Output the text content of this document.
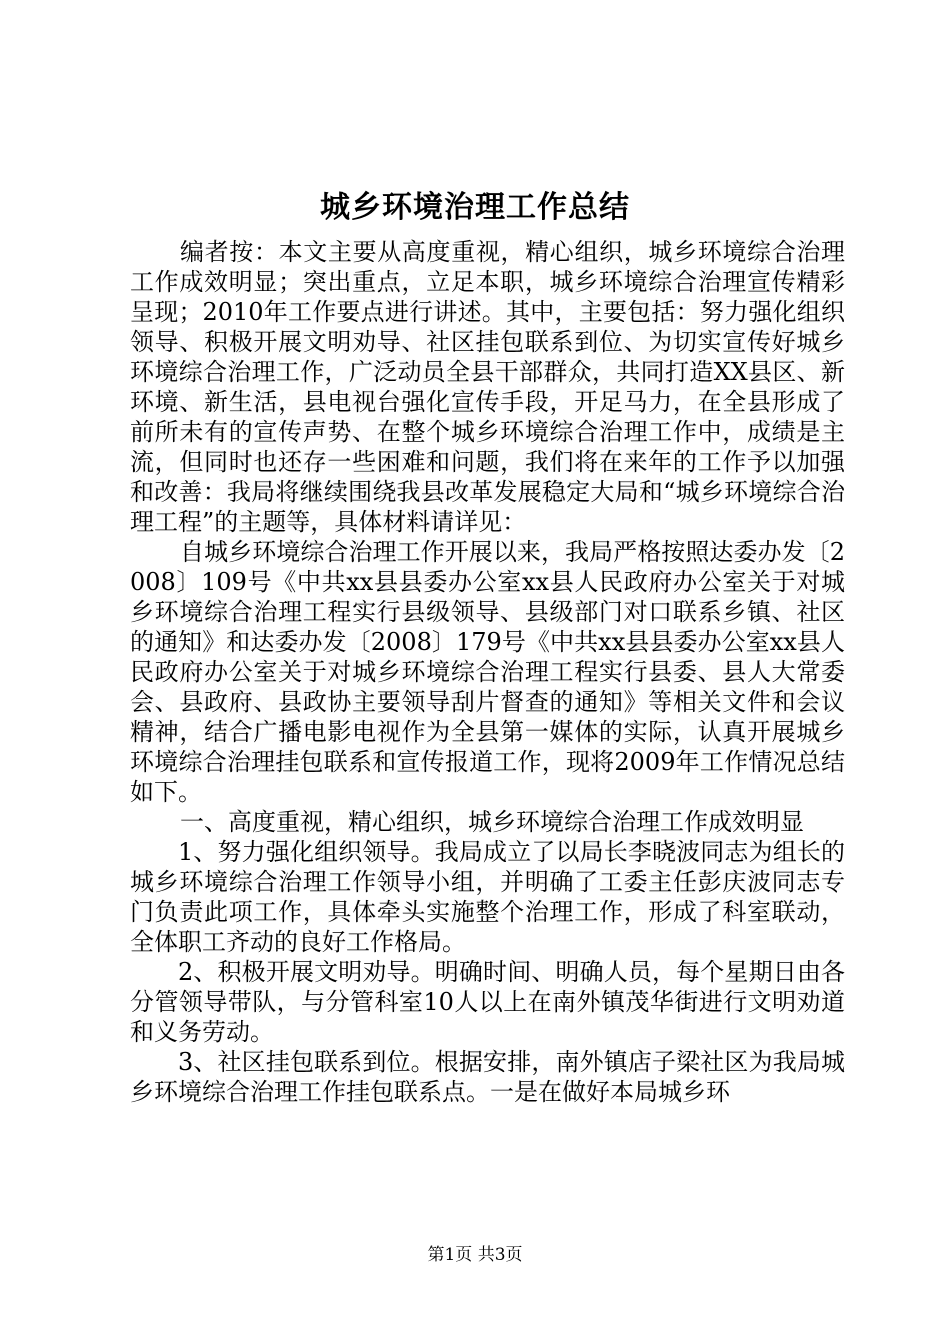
城乡环境治理工作总结

编者按：本文主要从高度重视，精心组织，城乡环境综合治理工作成效明显；突出重点，立足本职，城乡环境综合治理宣传精彩呈现；2010年工作要点进行讲述。其中，主要包括：努力强化组织领导、积极开展文明劝导、社区挂包联系到位、为切实宣传好城乡环境综合治理工作，广泛动员全县干部群众，共同打造XX县区、新环境、新生活，县电视台强化宣传手段，开足马力，在全县形成了前所未有的宣传声势、在整个城乡环境综合治理工作中，成绩是主流，但同时也还存一些困难和问题，我们将在来年的工作予以加强和改善：我局将继续围绕我县改革发展稳定大局和“城乡环境综合治理工程”的主题等，具体材料请详见：

自城乡环境综合治理工作开展以来，我局严格按照达委办发〔2008〕109号《中共xx县县委办公室xx县人民政府办公室关于对城乡环境综合治理工程实行县级领导、县级部门对口联系乡镇、社区的通知》和达委办发〔2008〕179号《中共xx县县委办公室xx县人民政府办公室关于对城乡环境综合治理工程实行县委、县人大常委会、县政府、县政协主要领导刮片督查的通知》等相关文件和会议精神，结合广播电影电视作为全县第一媒体的实际，认真开展城乡环境综合治理挂包联系和宣传报道工作，现将2009年工作情况总结如下。

一、高度重视，精心组织，城乡环境综合治理工作成效明显

1、努力强化组织领导。我局成立了以局长李晓波同志为组长的城乡环境综合治理工作领导小组，并明确了工委主任彭庆波同志专门负责此项工作，具体牵头实施整个治理工作，形成了科室联动，全体职工齐动的良好工作格局。

2、积极开展文明劝导。明确时间、明确人员，每个星期日由各分管领导带队，与分管科室10人以上在南外镇茂华街进行文明劝道和义务劳动。

3、社区挂包联系到位。根据安排，南外镇店子梁社区为我局城乡环境综合治理工作挂包联系点。一是在做好本局城乡环

第1页 共3页
